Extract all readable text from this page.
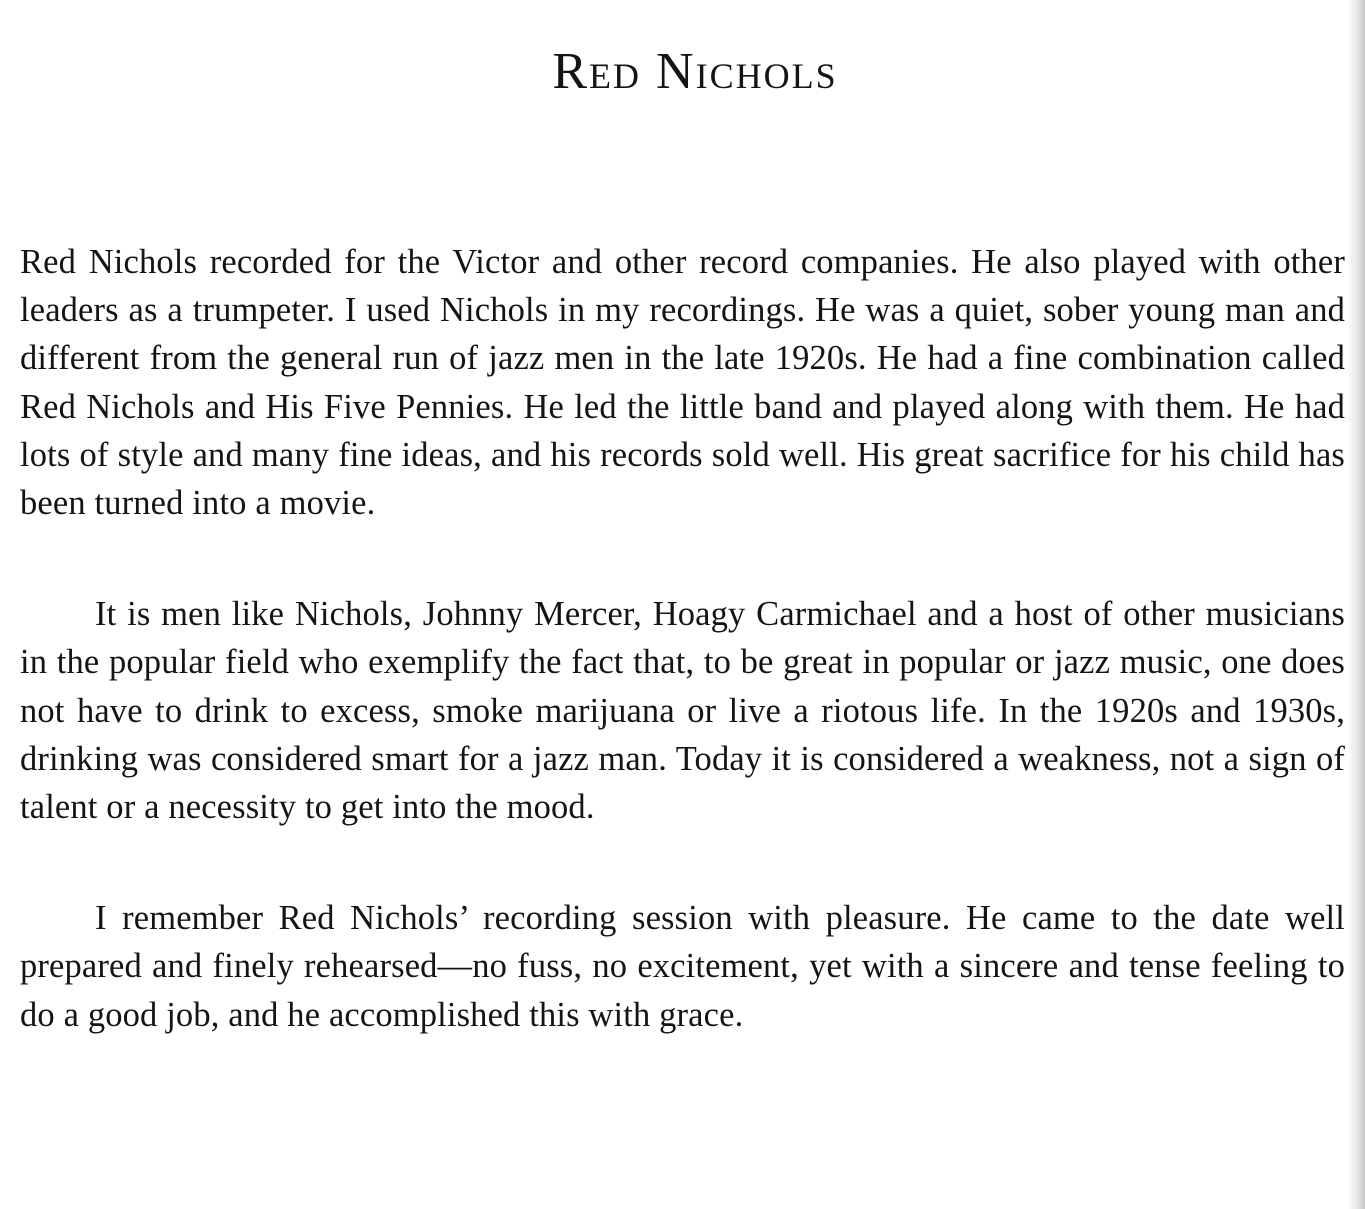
Red Nichols

Red Nichols recorded for the Victor and other record companies. He also played with other leaders as a trumpeter. I used Nichols in my recordings. He was a quiet, sober young man and different from the general run of jazz men in the late 1920s. He had a fine combination called Red Nichols and His Five Pennies. He led the little band and played along with them. He had lots of style and many fine ideas, and his records sold well. His great sacrifice for his child has been turned into a movie.

It is men like Nichols, Johnny Mercer, Hoagy Carmichael and a host of other musicians in the popular field who exemplify the fact that, to be great in popular or jazz music, one does not have to drink to excess, smoke marijuana or live a riotous life. In the 1920s and 1930s, drinking was considered smart for a jazz man. Today it is considered a weakness, not a sign of talent or a necessity to get into the mood.

I remember Red Nichols’ recording session with pleasure. He came to the date well prepared and finely rehearsed—no fuss, no excitement, yet with a sincere and tense feeling to do a good job, and he accomplished this with grace.
